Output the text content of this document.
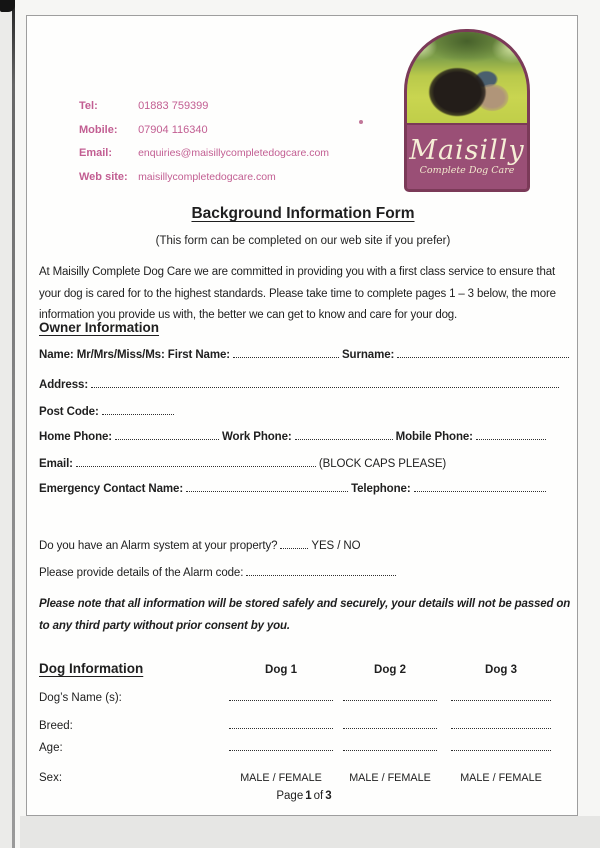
Tel:	01883 759399
Mobile: 07904 116340
Email: enquiries@maisillycompletedogcare.com
Web site: maisillycompletedogcare.com
Maisilly
Complete Dog Care
Background Information Form
(This form can be completed on our web site if you prefer)
At Maisilly Complete Dog Care we are committed in providing you with a first class service to ensure that your dog is cared for to the highest standards. Please take time to complete pages 1 – 3 below, the more information you provide us with, the better we can get to know and care for your dog.
Owner Information
Name: Mr/Mrs/Miss/Ms: First Name:	Surname:
Address:
Post Code:
Home Phone:	Work Phone:	Mobile Phone:
Email:	(BLOCK CAPS PLEASE)
Emergency Contact Name:	Telephone:
Do you have an Alarm system at your property?	YES / NO
Please provide details of the Alarm code:
Please note that all information will be stored safely and securely, your details will not be passed on to any third party without prior consent by you.
Dog Information	Dog 1	Dog 2	Dog 3
Dog’s Name (s):
Breed:
Age:
Sex:	MALE / FEMALE	MALE / FEMALE	MALE / FEMALE
Page 1 of 3
